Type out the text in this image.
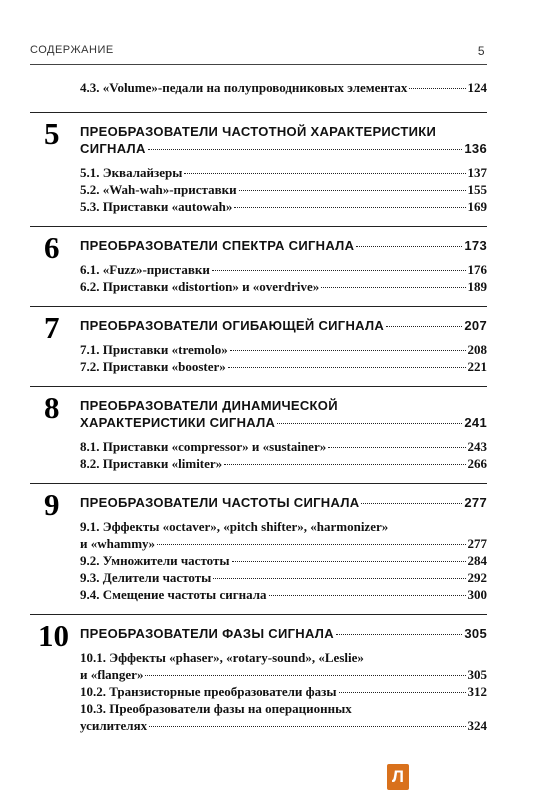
СОДЕРЖАНИЕ	5
4.3. «Volume»-педали на полупроводниковых элементах	124
5 ПРЕОБРАЗОВАТЕЛИ ЧАСТОТНОЙ ХАРАКТЕРИСТИКИ
СИГНАЛА	136
5.1. Эквалайзеры	137
5.2. «Wah-wah»-приставки	155
5.3. Приставки «autowah»	169
6 ПРЕОБРАЗОВАТЕЛИ СПЕКТРА СИГНАЛА	173
6.1. «Fuzz»-приставки	176
6.2. Приставки «distortion» и «overdrive»	189
7 ПРЕОБРАЗОВАТЕЛИ ОГИБАЮЩЕЙ СИГНАЛА	207
7.1. Приставки «tremolo»	208
7.2. Приставки «booster»	221
8 ПРЕОБРАЗОВАТЕЛИ ДИНАМИЧЕСКОЙ
ХАРАКТЕРИСТИКИ СИГНАЛА	241
8.1. Приставки «compressor» и «sustainer»	243
8.2. Приставки «limiter»	266
9 ПРЕОБРАЗОВАТЕЛИ ЧАСТОТЫ СИГНАЛА	277
9.1. Эффекты «octaver», «pitch shifter», «harmonizer»
и «whammy»	277
9.2. Умножители частоты	284
9.3. Делители частоты	292
9.4. Смещение частоты сигнала	300
10 ПРЕОБРАЗОВАТЕЛИ ФАЗЫ СИГНАЛА	305
10.1. Эффекты «phaser», «rotary-sound», «Leslie»
и «flanger»	305
10.2. Транзисторные преобразователи фазы	312
10.3. Преобразователи фазы на операционных
усилителях	324
Л
